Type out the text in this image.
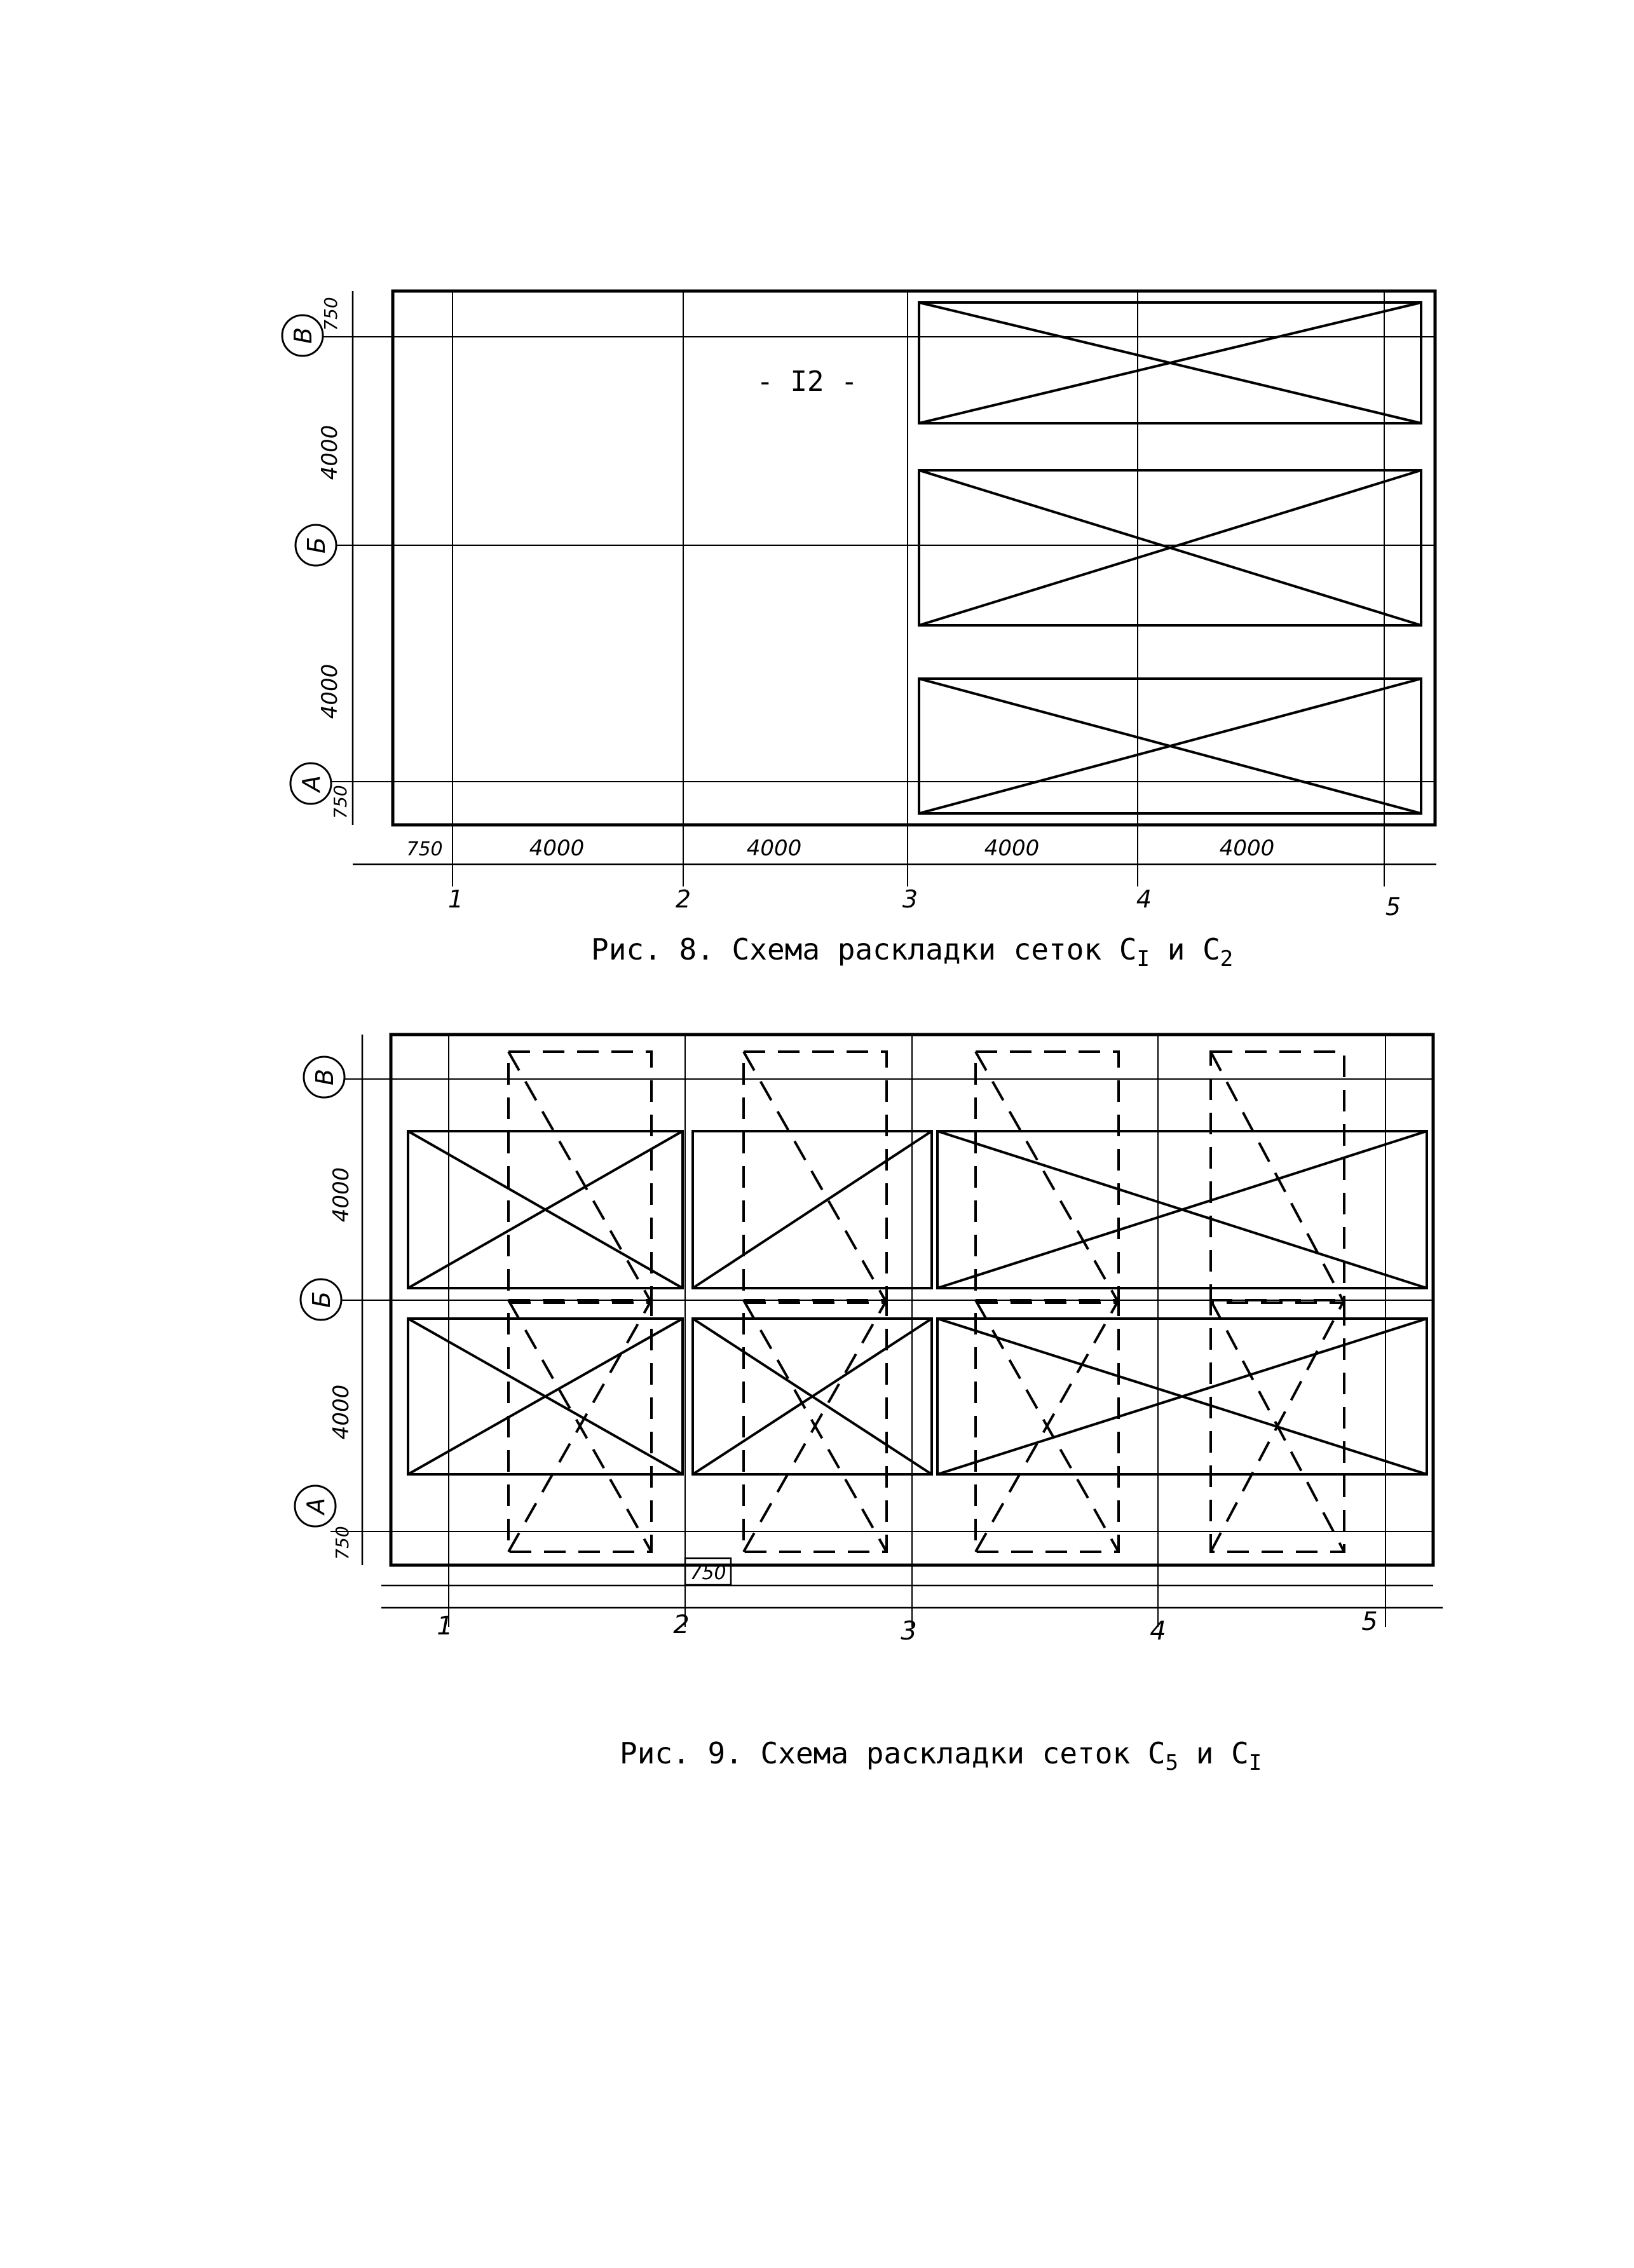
- I2 -
В
Б
А
750
4000
4000
750
750	4000	4000	4000	4000
1	2	3	4	5
Рис. 8. Схема раскладки сеток $С_I$ и $С_2$
В
Б
А
4000
4000
750
750
1	2	3	4	5
Рис. 9. Схема раскладки сеток $С_5$ и $С_I$
